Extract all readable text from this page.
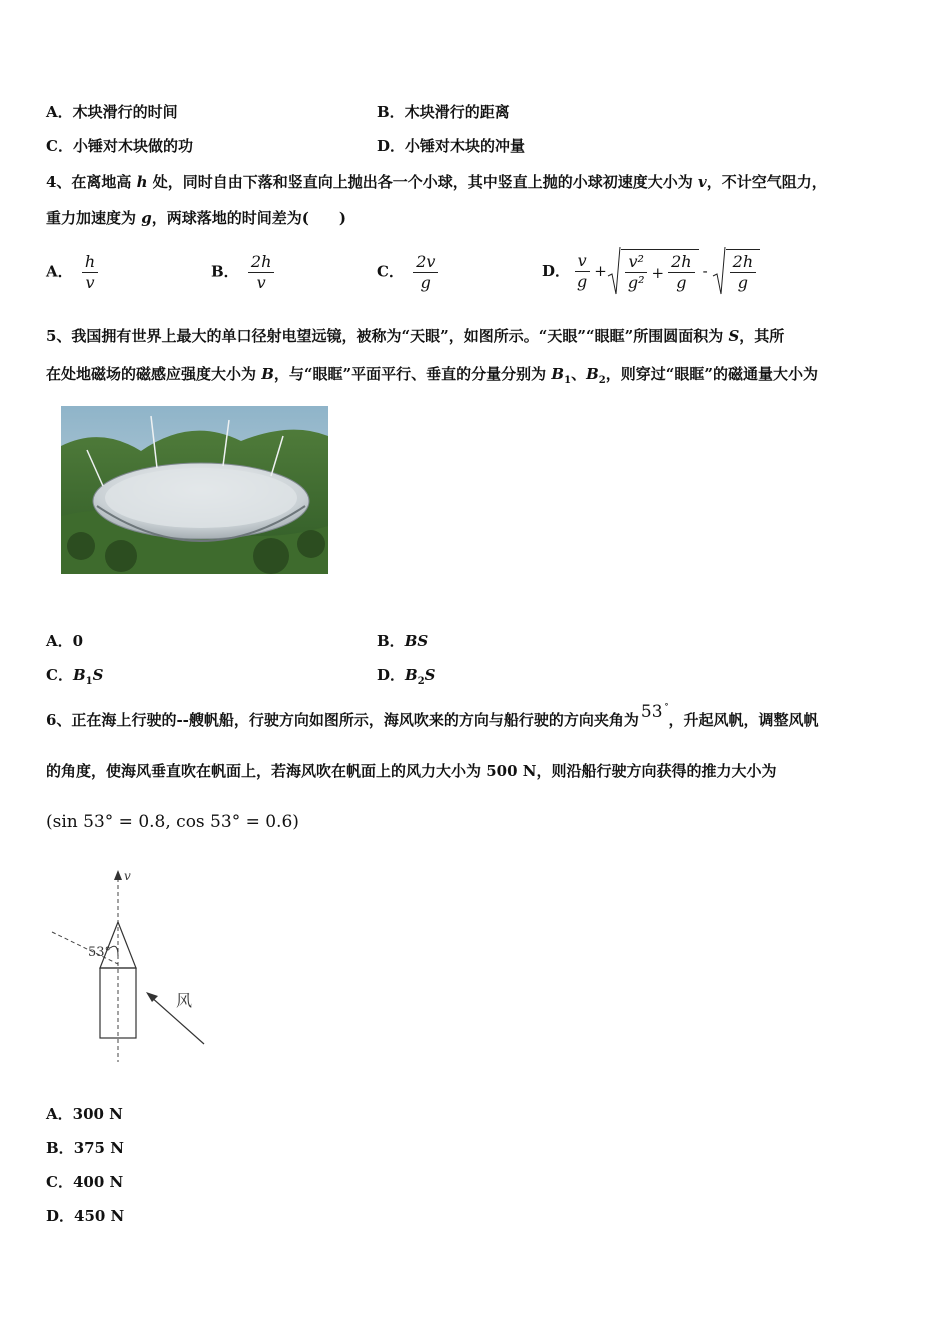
A．木块滑行的时间	B．木块滑行的距离
C．小锤对木块做的功	D．小锤对木块的冲量
4、在离地高 h 处，同时自由下落和竖直向上抛出各一个小球，其中竖直上抛的小球初速度大小为 v，不计空气阻力，
重力加速度为 g，两球落地的时间差为(　　)
A． $\frac{h}{v}$	B． $\frac{2h}{v}$	C． $\frac{2v}{g}$	D． $\frac{v}{g} + \frac{\text{v²}}{\text{g²}} + \frac{2h}{g} - \frac{2h}{g}$
5、我国拥有世界上最大的单口径射电望远镜，被称为“天眼”，如图所示。“天眼”“眼眶”所围圆面积为 S，其所
在处地磁场的磁感应强度大小为 B，与“眼眶”平面平行、垂直的分量分别为 $B_1$、$B_2$，则穿过“眼眶”的磁通量大小为
A．0	B．BS
C．$B_1S$	D．$B_2S$
6、正在海上行驶的--艘帆船，行驶方向如图所示，海风吹来的方向与船行驶的方向夹角为 53 °，升起风帆，调整风帆
的角度，使海风垂直吹在帆面上，若海风吹在帆面上的风力大小为 500 N，则沿船行驶方向获得的推力大小为
(sin 53° = 0.8, cos 53° = 0.6)
v
53°
风
A．300 N
B．375 N
C．400 N
D．450 N
